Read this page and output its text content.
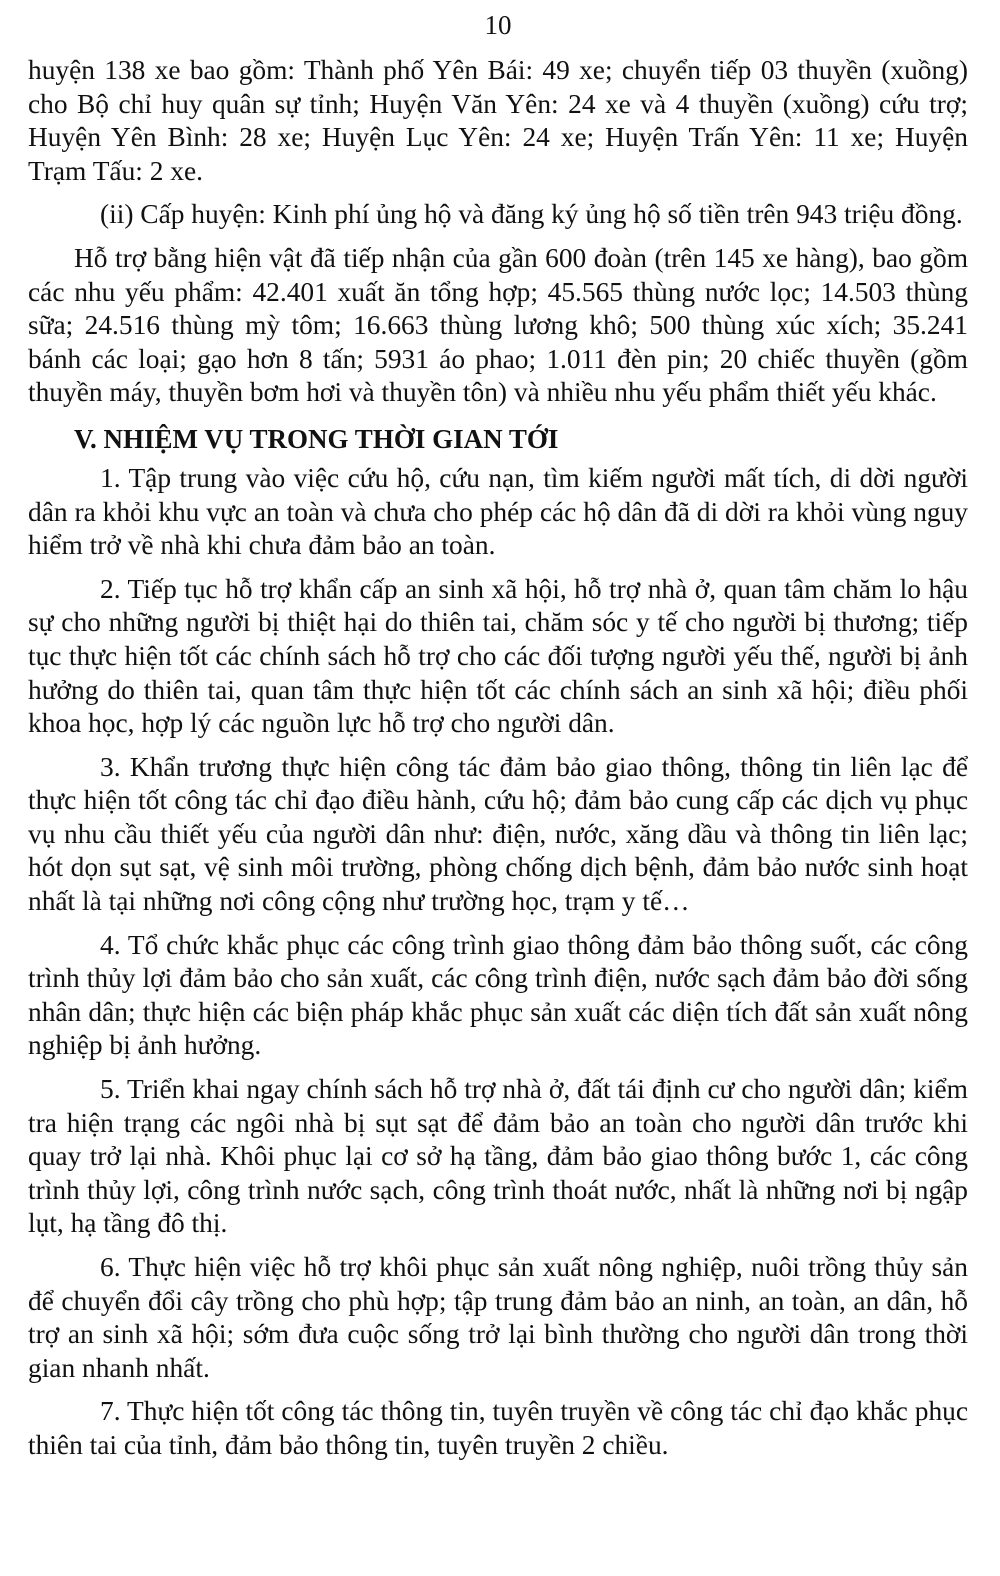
10

huyện 138 xe bao gồm: Thành phố Yên Bái: 49 xe; chuyển tiếp 03 thuyền (xuồng) cho Bộ chỉ huy quân sự tỉnh; Huyện Văn Yên: 24 xe và 4 thuyền (xuồng) cứu trợ; Huyện Yên Bình: 28 xe; Huyện Lục Yên: 24 xe; Huyện Trấn Yên: 11 xe; Huyện Trạm Tấu: 2 xe.

(ii) Cấp huyện: Kinh phí ủng hộ và đăng ký ủng hộ số tiền trên 943 triệu đồng.

Hỗ trợ bằng hiện vật đã tiếp nhận của gần 600 đoàn (trên 145 xe hàng), bao gồm các nhu yếu phẩm: 42.401 xuất ăn tổng hợp; 45.565 thùng nước lọc; 14.503 thùng sữa; 24.516 thùng mỳ tôm; 16.663 thùng lương khô; 500 thùng xúc xích; 35.241 bánh các loại; gạo hơn 8 tấn; 5931 áo phao; 1.011 đèn pin; 20 chiếc thuyền (gồm thuyền máy, thuyền bơm hơi và thuyền tôn) và nhiều nhu yếu phẩm thiết yếu khác.

V. NHIỆM VỤ TRONG THỜI GIAN TỚI

1. Tập trung vào việc cứu hộ, cứu nạn, tìm kiếm người mất tích, di dời người dân ra khỏi khu vực an toàn và chưa cho phép các hộ dân đã di dời ra khỏi vùng nguy hiểm trở về nhà khi chưa đảm bảo an toàn.

2. Tiếp tục hỗ trợ khẩn cấp an sinh xã hội, hỗ trợ nhà ở, quan tâm chăm lo hậu sự cho những người bị thiệt hại do thiên tai, chăm sóc y tế cho người bị thương; tiếp tục thực hiện tốt các chính sách hỗ trợ cho các đối tượng người yếu thế, người bị ảnh hưởng do thiên tai, quan tâm thực hiện tốt các chính sách an sinh xã hội; điều phối khoa học, hợp lý các nguồn lực hỗ trợ cho người dân.

3. Khẩn trương thực hiện công tác đảm bảo giao thông, thông tin liên lạc để thực hiện tốt công tác chỉ đạo điều hành, cứu hộ; đảm bảo cung cấp các dịch vụ phục vụ nhu cầu thiết yếu của người dân như: điện, nước, xăng dầu và thông tin liên lạc; hót dọn sụt sạt, vệ sinh môi trường, phòng chống dịch bệnh, đảm bảo nước sinh hoạt nhất là tại những nơi công cộng như trường học, trạm y tế…

4. Tổ chức khắc phục các công trình giao thông đảm bảo thông suốt, các công trình thủy lợi đảm bảo cho sản xuất, các công trình điện, nước sạch đảm bảo đời sống nhân dân; thực hiện các biện pháp khắc phục sản xuất các diện tích đất sản xuất nông nghiệp bị ảnh hưởng.

5. Triển khai ngay chính sách hỗ trợ nhà ở, đất tái định cư cho người dân; kiểm tra hiện trạng các ngôi nhà bị sụt sạt để đảm bảo an toàn cho người dân trước khi quay trở lại nhà. Khôi phục lại cơ sở hạ tầng, đảm bảo giao thông bước 1, các công trình thủy lợi, công trình nước sạch, công trình thoát nước, nhất là những nơi bị ngập lụt, hạ tầng đô thị.

6. Thực hiện việc hỗ trợ khôi phục sản xuất nông nghiệp, nuôi trồng thủy sản để chuyển đổi cây trồng cho phù hợp; tập trung đảm bảo an ninh, an toàn, an dân, hỗ trợ an sinh xã hội; sớm đưa cuộc sống trở lại bình thường cho người dân trong thời gian nhanh nhất.

7. Thực hiện tốt công tác thông tin, tuyên truyền về công tác chỉ đạo khắc phục thiên tai của tỉnh, đảm bảo thông tin, tuyên truyền 2 chiều.
